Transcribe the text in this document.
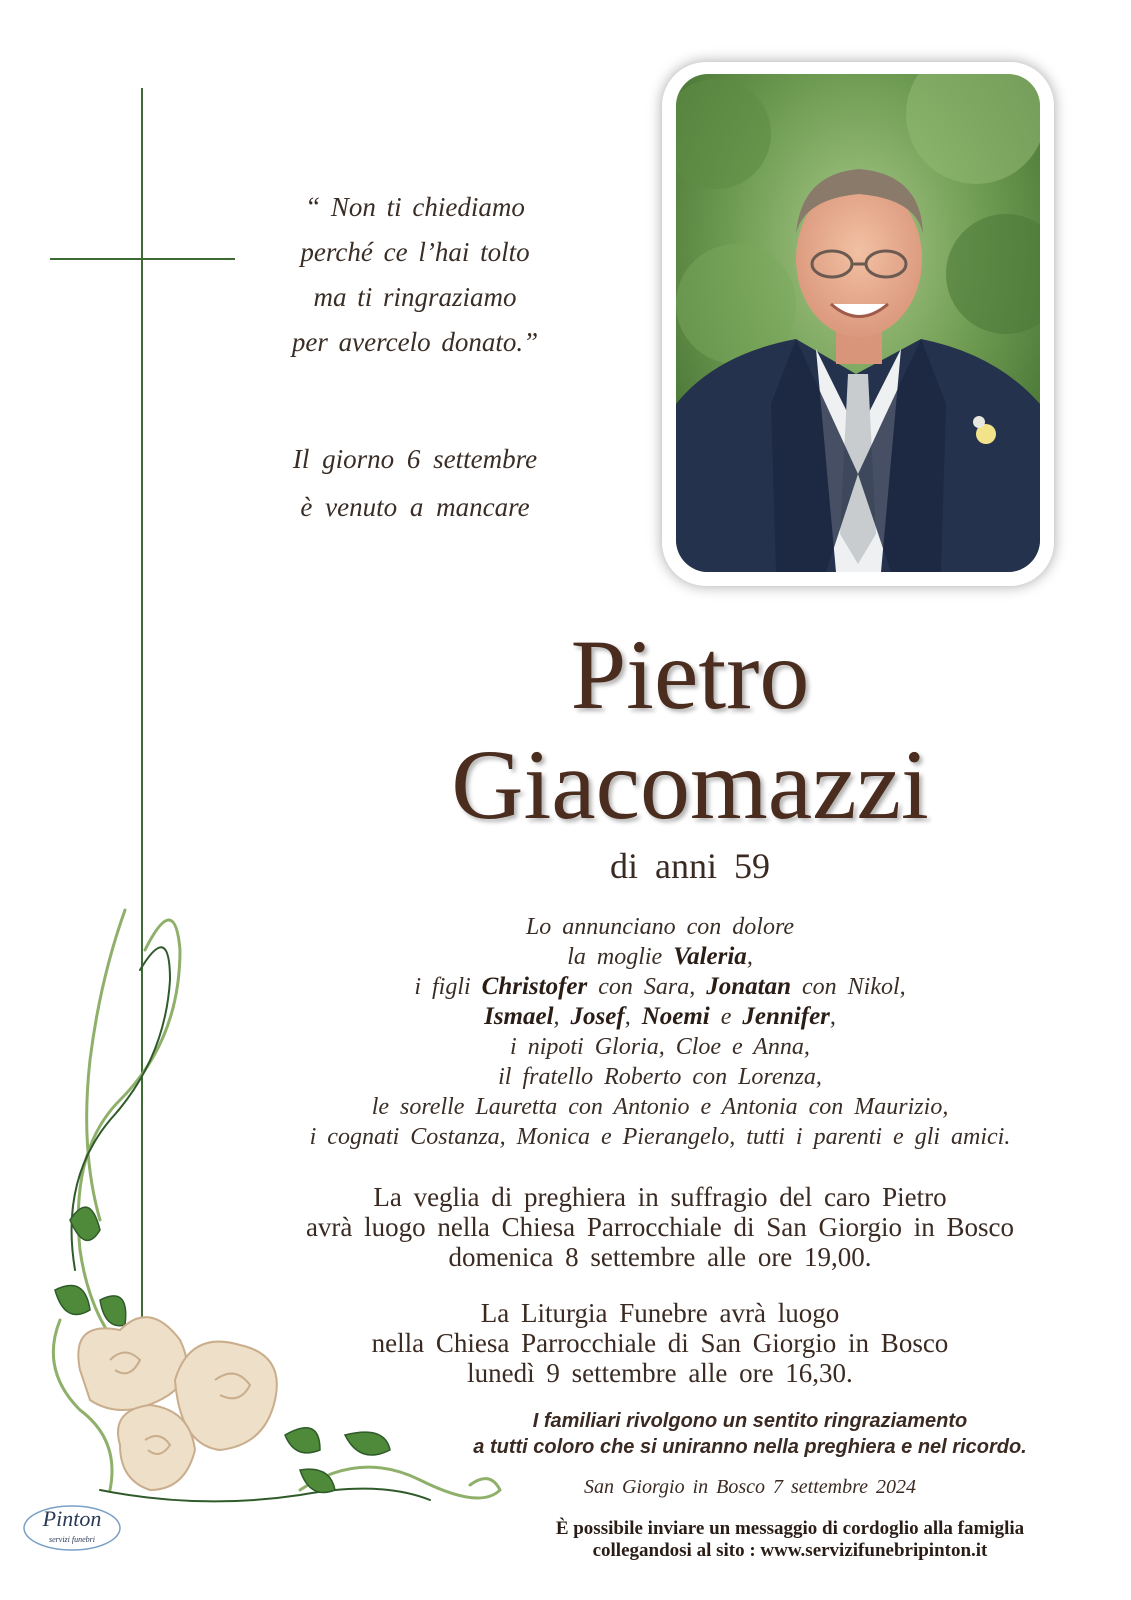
“ Non ti chiediamo
perché ce l’hai tolto
ma ti ringraziamo
per avercelo donato.”
Il giorno 6 settembre
è venuto a mancare
Pietro
Giacomazzi
di anni 59
Lo annunciano con dolore
la moglie Valeria,
i figli Christofer con Sara, Jonatan con Nikol,
Ismael, Josef, Noemi e Jennifer,
i nipoti Gloria, Cloe e Anna,
il fratello Roberto con Lorenza,
le sorelle Lauretta con Antonio e Antonia con Maurizio,
i cognati Costanza, Monica e Pierangelo, tutti i parenti e gli amici.
La veglia di preghiera in suffragio del caro Pietro
avrà luogo nella Chiesa Parrocchiale di San Giorgio in Bosco
domenica 8 settembre alle ore 19,00.
La Liturgia Funebre avrà luogo
nella Chiesa Parrocchiale di San Giorgio in Bosco
lunedì 9 settembre alle ore 16,30.
I familiari rivolgono un sentito ringraziamento
a tutti coloro che si uniranno nella preghiera e nel ricordo.
San Giorgio in Bosco 7 settembre 2024
È possibile inviare un messaggio di cordoglio alla famiglia
collegandosi al sito : www.servizifunebripinton.it
Pinton
servizi funebri
